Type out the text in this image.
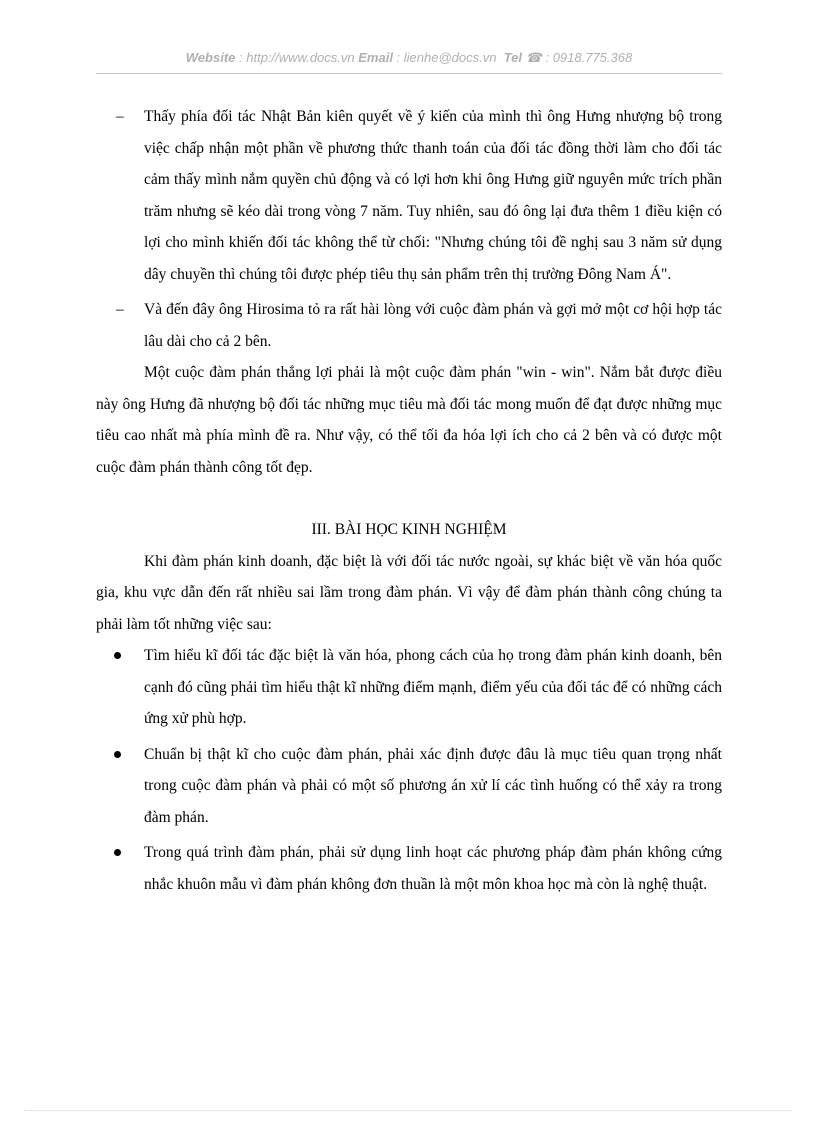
Website : http://www.docs.vn Email : lienhe@docs.vn Tel ☎ : 0918.775.368

–	Thấy phía đối tác Nhật Bản kiên quyết về ý kiến của mình thì ông Hưng nhượng bộ trong việc chấp nhận một phần về phương thức thanh toán của đối tác đồng thời làm cho đối tác cảm thấy mình nắm quyền chủ động và có lợi hơn khi ông Hưng giữ nguyên mức trích phần trăm nhưng sẽ kéo dài trong vòng 7 năm. Tuy nhiên, sau đó ông lại đưa thêm 1 điều kiện có lợi cho mình khiến đối tác không thể từ chối: "Nhưng chúng tôi đề nghị sau 3 năm sử dụng dây chuyền thì chúng tôi được phép tiêu thụ sản phẩm trên thị trường Đông Nam Á".

–	Và đến đây ông Hirosima tỏ ra rất hài lòng với cuộc đàm phán và gợi mở một cơ hội hợp tác lâu dài cho cả 2 bên.

Một cuộc đàm phán thắng lợi phải là một cuộc đàm phán "win - win". Nắm bắt được điều này ông Hưng đã nhượng bộ đối tác những mục tiêu mà đối tác mong muốn để đạt được những mục tiêu cao nhất mà phía mình đề ra. Như vậy, có thể tối đa hóa lợi ích cho cả 2 bên và có được một cuộc đàm phán thành công tốt đẹp.

III. BÀI HỌC KINH NGHIỆM

Khi đàm phán kinh doanh, đặc biệt là với đối tác nước ngoài, sự khác biệt về văn hóa quốc gia, khu vực dẫn đến rất nhiều sai lầm trong đàm phán. Vì vậy để đàm phán thành công chúng ta phải làm tốt những việc sau:

Tìm hiểu kĩ đối tác đặc biệt là văn hóa, phong cách của họ trong đàm phán kinh doanh, bên cạnh đó cũng phải tìm hiểu thật kĩ những điểm mạnh, điểm yếu của đối tác để có những cách ứng xử phù hợp.

Chuẩn bị thật kĩ cho cuộc đàm phán, phải xác định được đâu là mục tiêu quan trọng nhất trong cuộc đàm phán và phải có một số phương án xử lí các tình huống có thể xảy ra trong đàm phán.

Trong quá trình đàm phán, phải sử dụng linh hoạt các phương pháp đàm phán không cứng nhắc khuôn mẫu vì đàm phán không đơn thuần là một môn khoa học mà còn là nghệ thuật.
